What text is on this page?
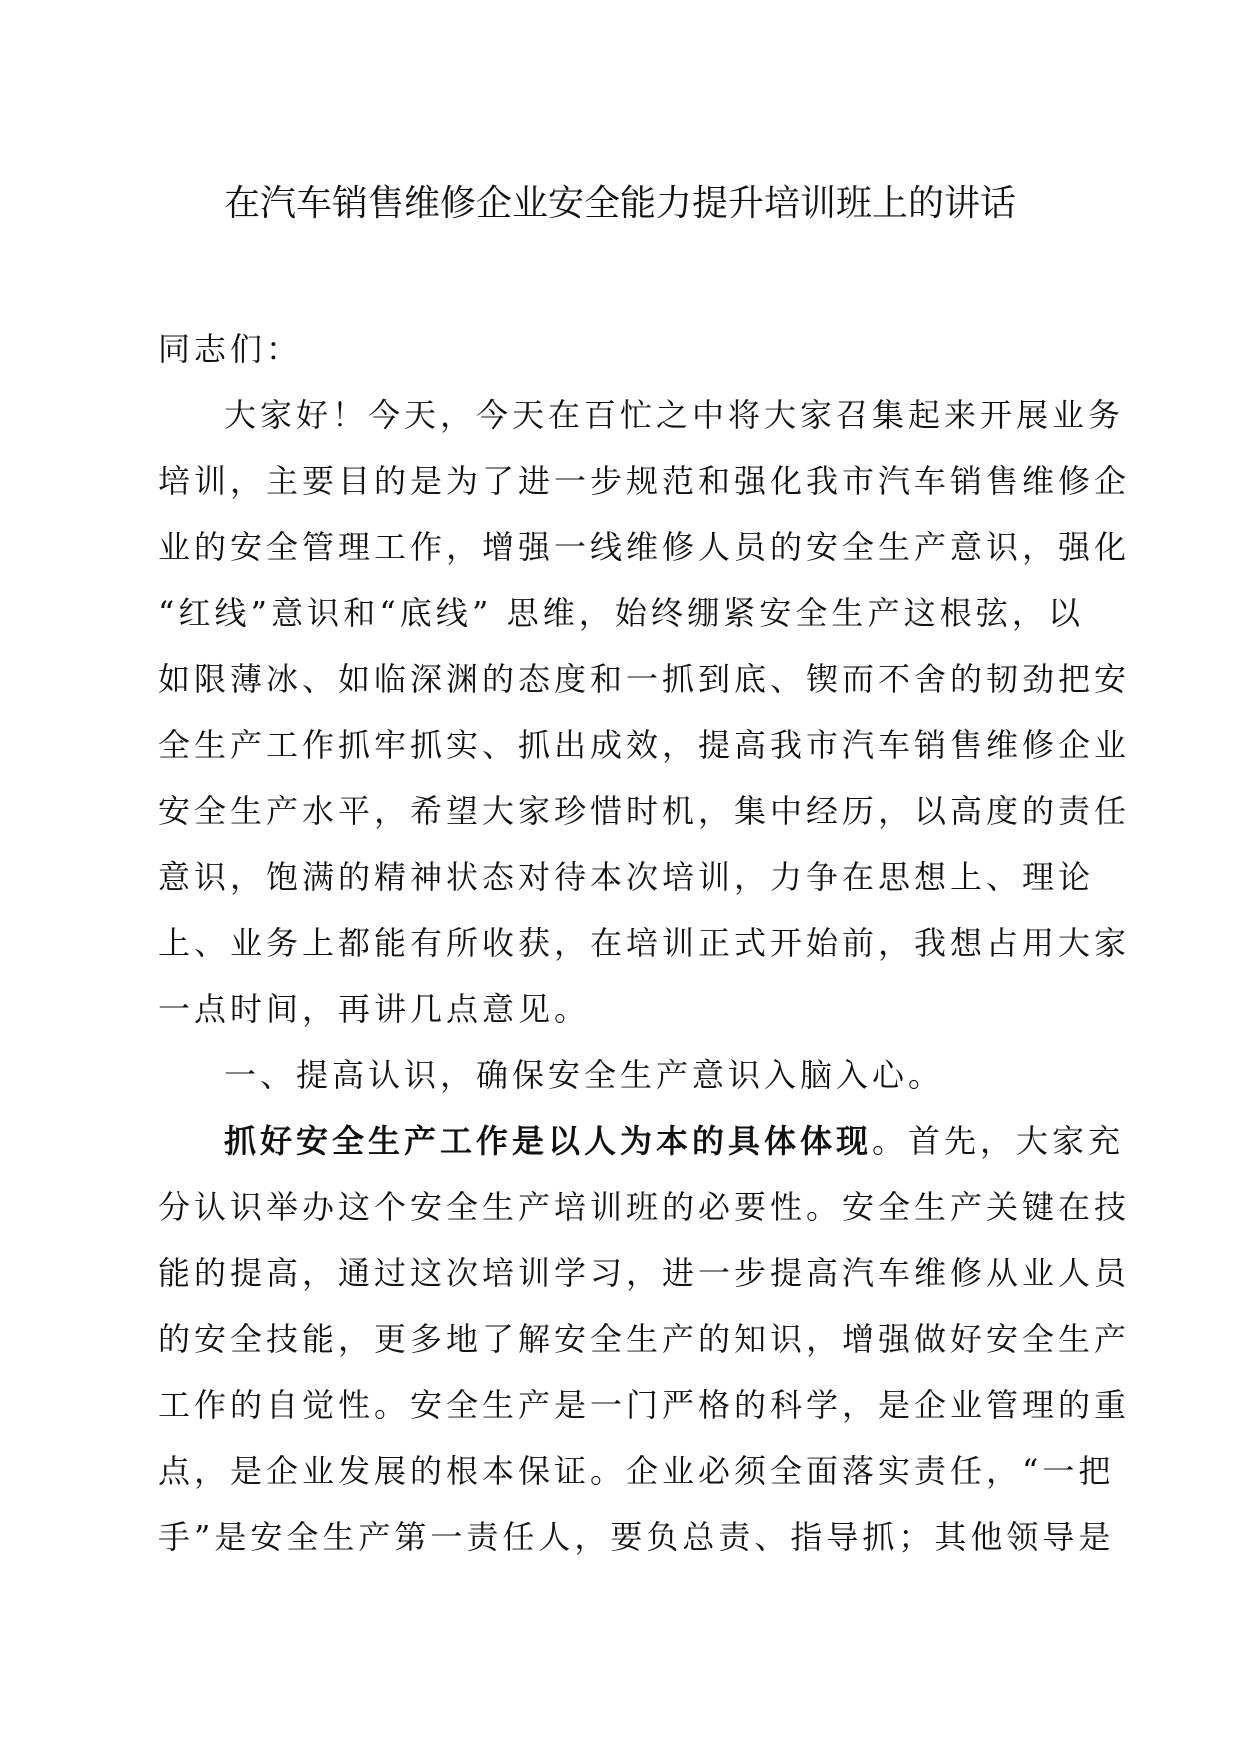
在汽车销售维修企业安全能力提升培训班上的讲话
同志们：
大家好！今天，今天在百忙之中将大家召集起来开展业务
培训，主要目的是为了进一步规范和强化我市汽车销售维修企
业的安全管理工作，增强一线维修人员的安全生产意识，强化
“红线”意识和“底线” 思维，始终绷紧安全生产这根弦，以
如限薄冰、如临深渊的态度和一抓到底、锲而不舍的韧劲把安
全生产工作抓牢抓实、抓出成效，提高我市汽车销售维修企业
安全生产水平，希望大家珍惜时机，集中经历，以高度的责任
意识，饱满的精神状态对待本次培训，力争在思想上、理论
上、业务上都能有所收获，在培训正式开始前，我想占用大家
一点时间，再讲几点意见。
一、提高认识，确保安全生产意识入脑入心。
抓好安全生产工作是以人为本的具体体现。首先，大家充
分认识举办这个安全生产培训班的必要性。安全生产关键在技
能的提高，通过这次培训学习，进一步提高汽车维修从业人员
的安全技能，更多地了解安全生产的知识，增强做好安全生产
工作的自觉性。安全生产是一门严格的科学，是企业管理的重
点，是企业发展的根本保证。企业必须全面落实责任，“一把
手”是安全生产第一责任人，要负总责、指导抓；其他领导是
